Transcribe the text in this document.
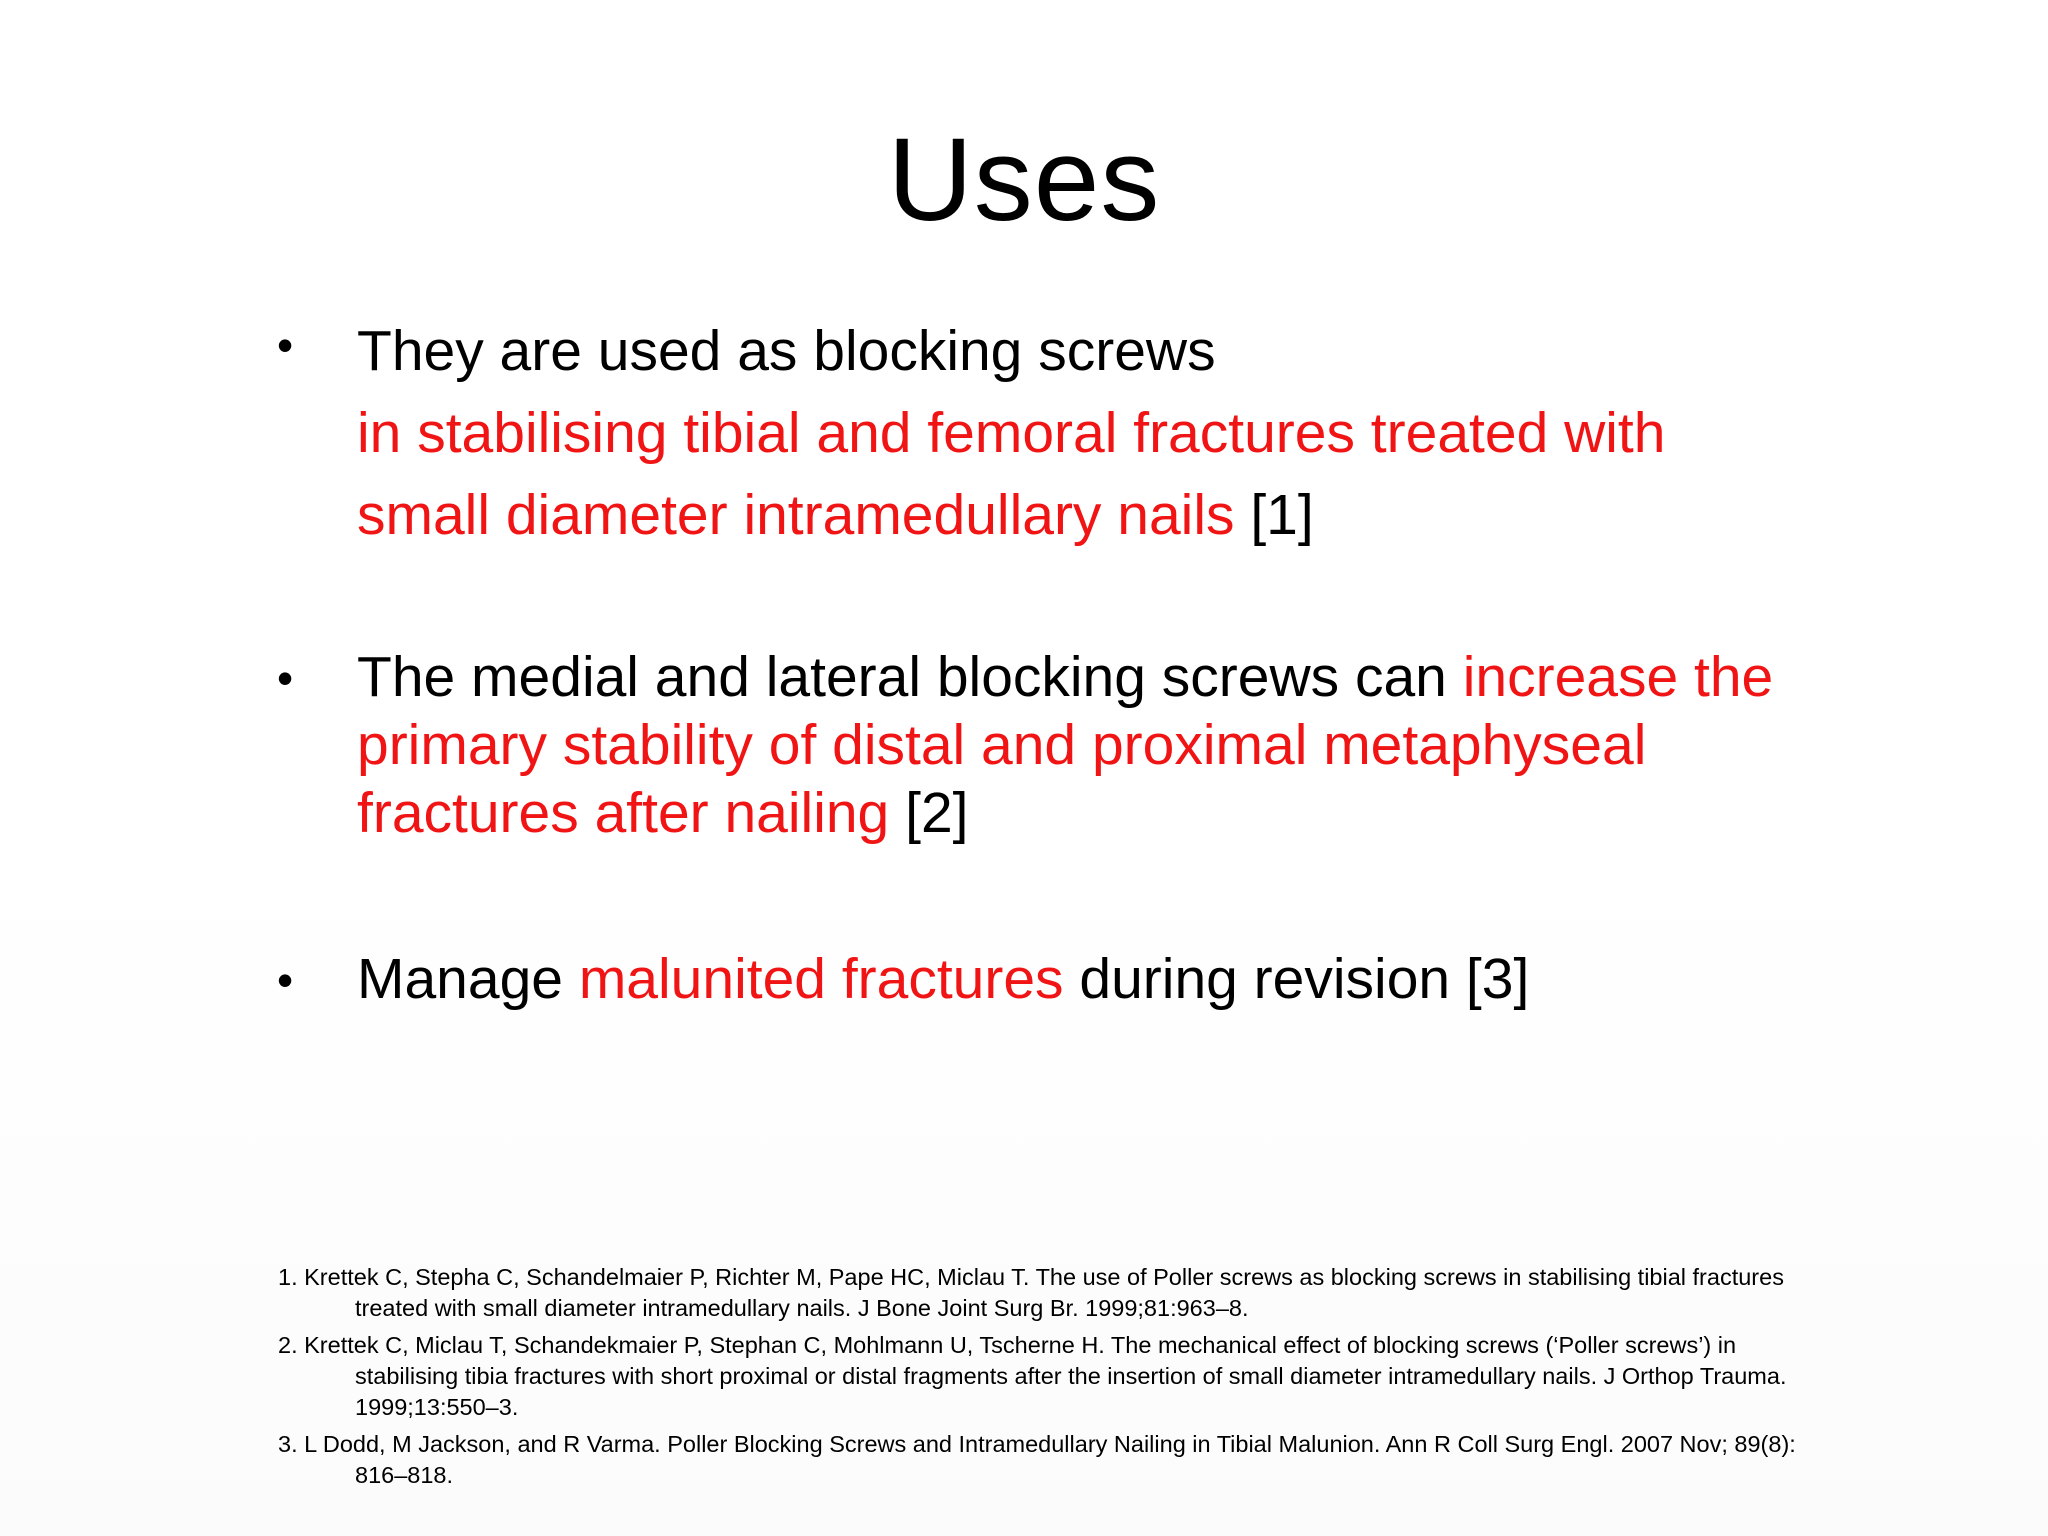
Uses
• They are used as blocking screws
in stabilising tibial and femoral fractures treated with
small diameter intramedullary nails [1]
• The medial and lateral blocking screws can increase the primary stability of distal and proximal metaphyseal fractures after nailing [2]
• Manage malunited fractures during revision [3]
1. Krettek C, Stepha C, Schandelmaier P, Richter M, Pape HC, Miclau T. The use of Poller screws as blocking screws in stabilising tibial fractures treated with small diameter intramedullary nails. J Bone Joint Surg Br. 1999;81:963–8.
2. Krettek C, Miclau T, Schandekmaier P, Stephan C, Mohlmann U, Tscherne H. The mechanical effect of blocking screws (‘Poller screws’) in stabilising tibia fractures with short proximal or distal fragments after the insertion of small diameter intramedullary nails. J Orthop Trauma. 1999;13:550–3.
3. L Dodd, M Jackson, and R Varma. Poller Blocking Screws and Intramedullary Nailing in Tibial Malunion. Ann R Coll Surg Engl. 2007 Nov; 89(8): 816–818.
